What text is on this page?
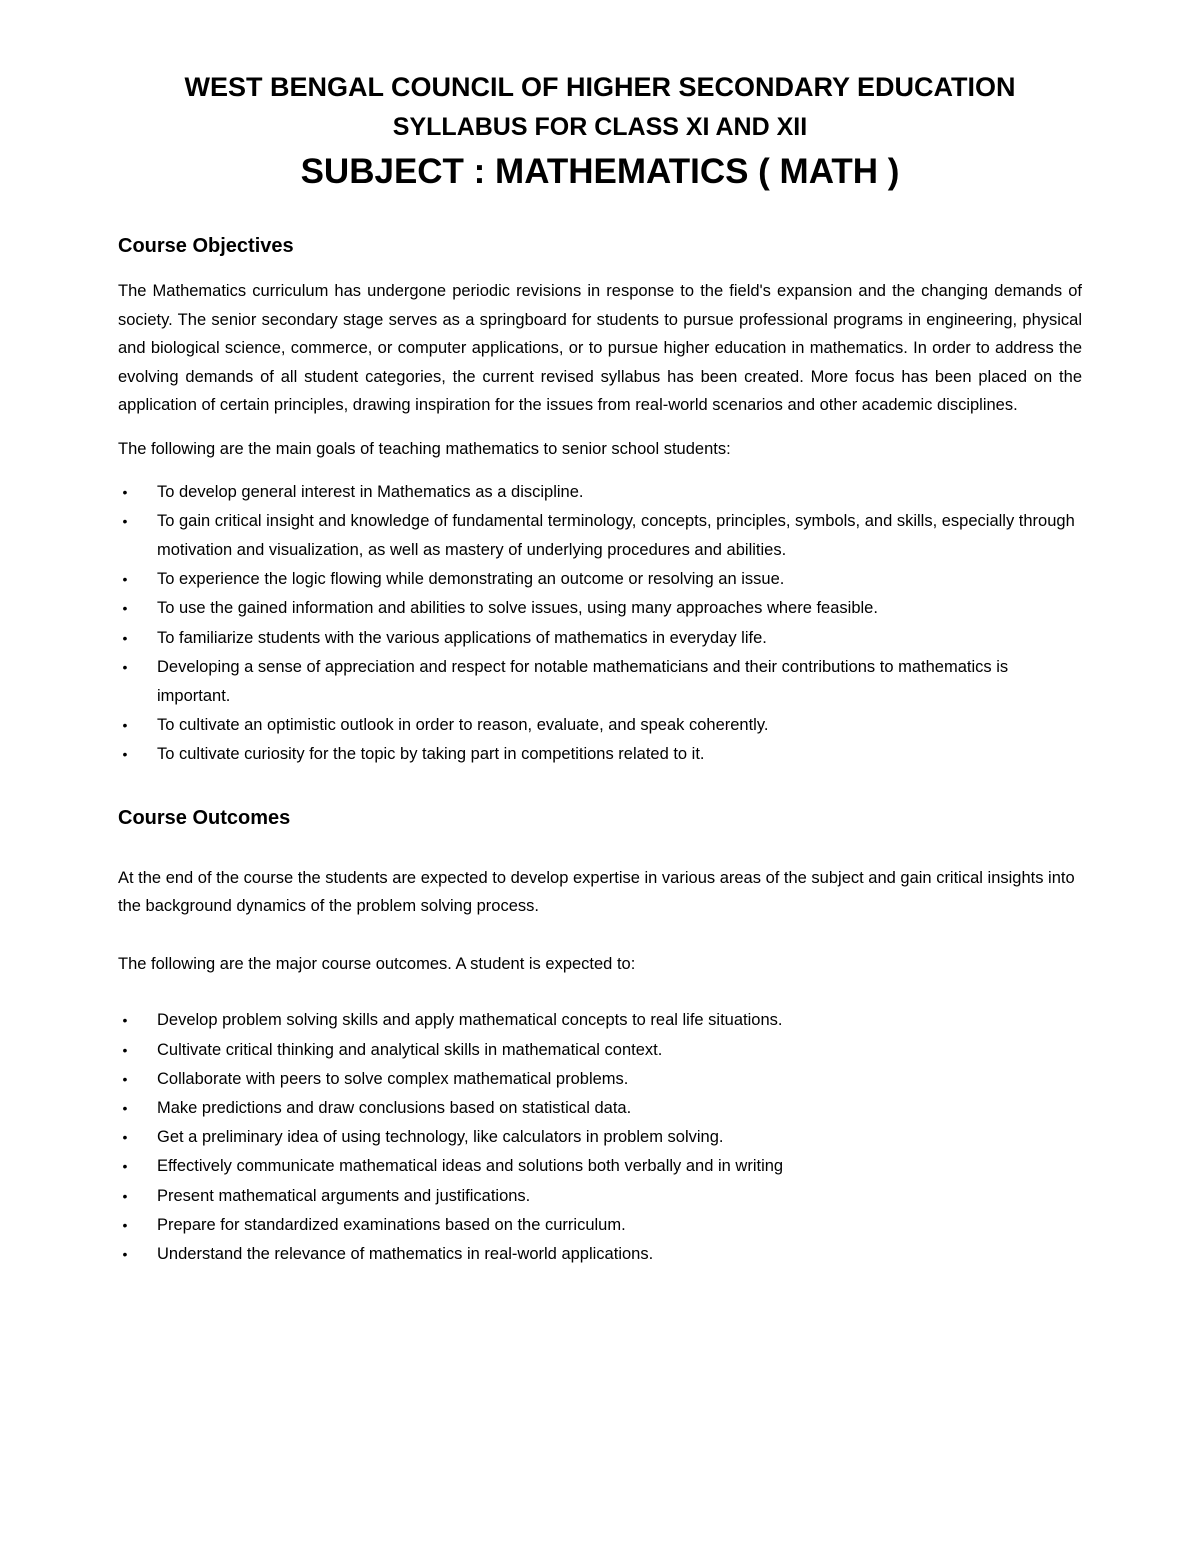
WEST BENGAL COUNCIL OF HIGHER SECONDARY EDUCATION

SYLLABUS FOR CLASS XI AND XII

SUBJECT : MATHEMATICS ( MATH )

Course Objectives

The Mathematics curriculum has undergone periodic revisions in response to the field's expansion and the changing demands of society. The senior secondary stage serves as a springboard for students to pursue professional programs in engineering, physical and biological science, commerce, or computer applications, or to pursue higher education in mathematics. In order to address the evolving demands of all student categories, the current revised syllabus has been created. More focus has been placed on the application of certain principles, drawing inspiration for the issues from real-world scenarios and other academic disciplines.

The following are the main goals of teaching mathematics to senior school students:

• To develop general interest in Mathematics as a discipline.
• To gain critical insight and knowledge of fundamental terminology, concepts, principles, symbols, and skills, especially through motivation and visualization, as well as mastery of underlying procedures and abilities.
• To experience the logic flowing while demonstrating an outcome or resolving an issue.
• To use the gained information and abilities to solve issues, using many approaches where feasible.
• To familiarize students with the various applications of mathematics in everyday life.
• Developing a sense of appreciation and respect for notable mathematicians and their contributions to mathematics is important.
• To cultivate an optimistic outlook in order to reason, evaluate, and speak coherently.
• To cultivate curiosity for the topic by taking part in competitions related to it.
Course Outcomes

At the end of the course the students are expected to develop expertise in various areas of the subject and gain critical insights into the background dynamics of the problem solving process.

The following are the major course outcomes. A student is expected to:

• Develop problem solving skills and apply mathematical concepts to real life situations.
• Cultivate critical thinking and analytical skills in mathematical context.
• Collaborate with peers to solve complex mathematical problems.
• Make predictions and draw conclusions based on statistical data.
• Get a preliminary idea of using technology, like calculators in problem solving.
• Effectively communicate mathematical ideas and solutions both verbally and in writing
• Present mathematical arguments and justifications.
• Prepare for standardized examinations based on the curriculum.
• Understand the relevance of mathematics in real-world applications.
